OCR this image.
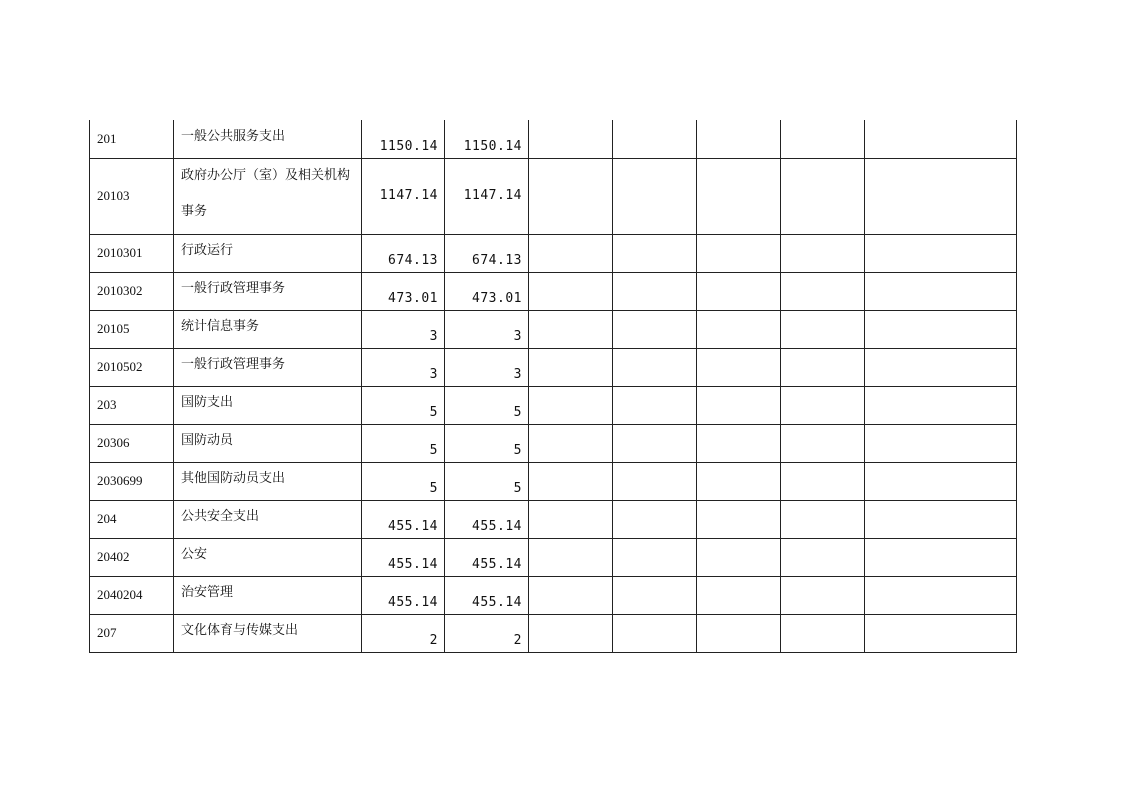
201	一般公共服务支出	1150.14	1150.14					
20103	政府办公厅（室）及相关机构事务	1147.14	1147.14					
2010301	行政运行	674.13	674.13					
2010302	一般行政管理事务	473.01	473.01					
20105	统计信息事务	3	3					
2010502	一般行政管理事务	3	3					
203	国防支出	5	5					
20306	国防动员	5	5					
2030699	其他国防动员支出	5	5					
204	公共安全支出	455.14	455.14					
20402	公安	455.14	455.14					
2040204	治安管理	455.14	455.14					
207	文化体育与传媒支出	2	2					
